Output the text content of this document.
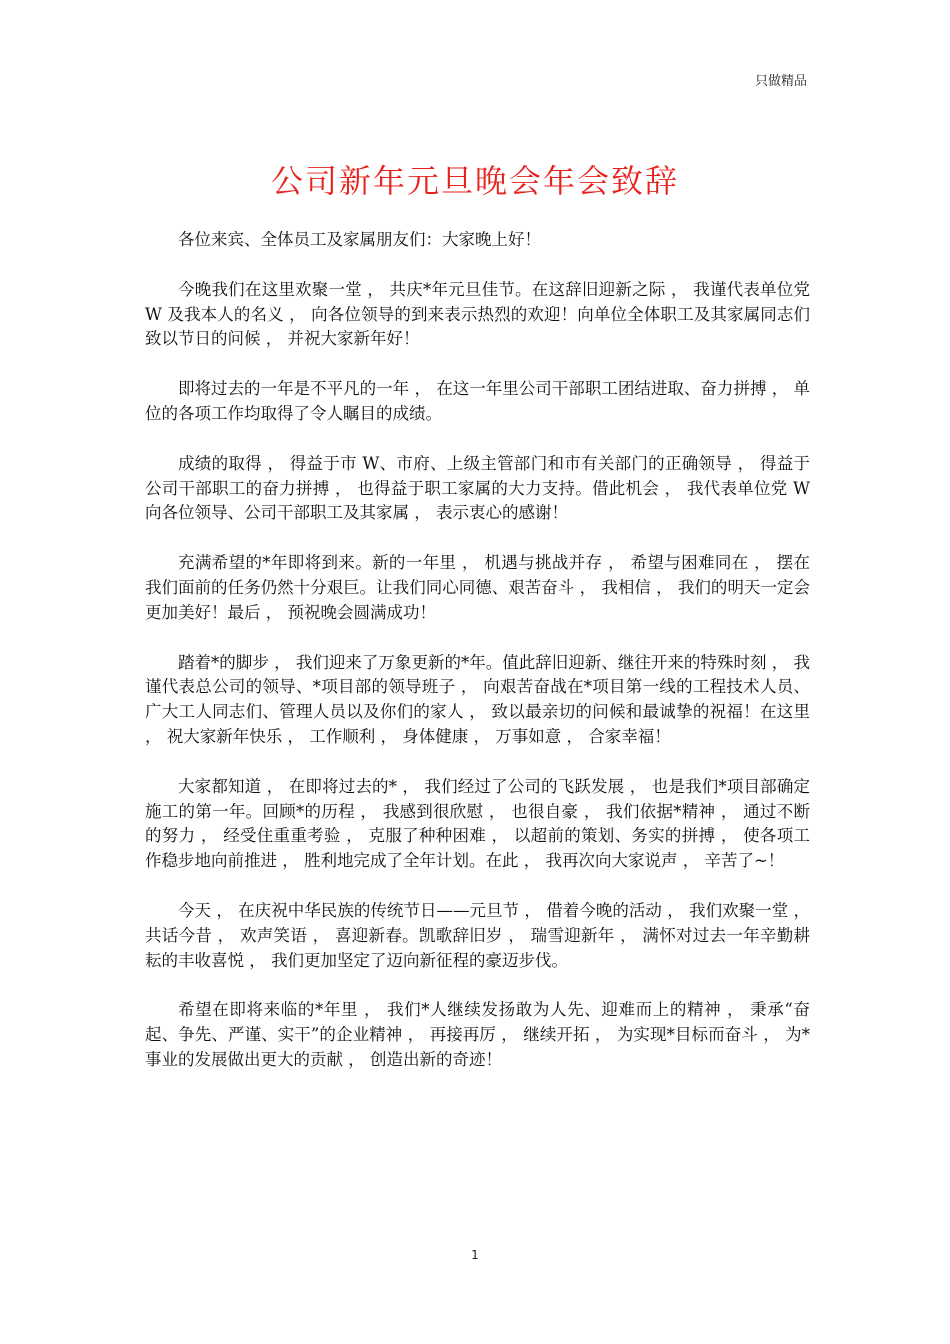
只做精品
公司新年元旦晚会年会致辞

各位来宾、全体员工及家属朋友们：大家晚上好！

今晚我们在这里欢聚一堂 ， 共庆*年元旦佳节。在这辞旧迎新之际 ， 我谨代表单位党 W 及我本人的名义 ， 向各位领导的到来表示热烈的欢迎！向单位全体职工及其家属同志们致以节日的问候 ， 并祝大家新年好！

即将过去的一年是不平凡的一年 ， 在这一年里公司干部职工团结进取、奋力拼搏 ， 单位的各项工作均取得了令人瞩目的成绩。

成绩的取得 ， 得益于市 W、市府、上级主管部门和市有关部门的正确领导 ， 得益于公司干部职工的奋力拼搏 ， 也得益于职工家属的大力支持。借此机会 ， 我代表单位党 W 向各位领导、公司干部职工及其家属 ， 表示衷心的感谢！

充满希望的*年即将到来。新的一年里 ， 机遇与挑战并存 ， 希望与困难同在 ， 摆在我们面前的任务仍然十分艰巨。让我们同心同德、艰苦奋斗 ， 我相信 ， 我们的明天一定会更加美好！最后 ， 预祝晚会圆满成功！

踏着*的脚步 ， 我们迎来了万象更新的*年。值此辞旧迎新、继往开来的特殊时刻 ， 我谨代表总公司的领导、*项目部的领导班子 ， 向艰苦奋战在*项目第一线的工程技术人员、广大工人同志们、管理人员以及你们的家人 ， 致以最亲切的问候和最诚挚的祝福！在这里 ， 祝大家新年快乐 ， 工作顺利 ， 身体健康 ， 万事如意 ， 合家幸福！

大家都知道 ， 在即将过去的* ， 我们经过了公司的飞跃发展 ， 也是我们*项目部确定施工的第一年。回顾*的历程 ， 我感到很欣慰 ， 也很自豪 ， 我们依据*精神 ， 通过不断的努力 ， 经受住重重考验 ， 克服了种种困难 ， 以超前的策划、务实的拼搏 ， 使各项工作稳步地向前推进 ， 胜利地完成了全年计划。在此 ， 我再次向大家说声 ， 辛苦了~！

今天 ， 在庆祝中华民族的传统节日——元旦节 ， 借着今晚的活动 ， 我们欢聚一堂 ， 共话今昔 ， 欢声笑语 ， 喜迎新春。凯歌辞旧岁 ， 瑞雪迎新年 ， 满怀对过去一年辛勤耕耘的丰收喜悦 ， 我们更加坚定了迈向新征程的豪迈步伐。

希望在即将来临的*年里 ， 我们*人继续发扬敢为人先、迎难而上的精神 ， 秉承“奋起、争先、严谨、实干”的企业精神 ， 再接再厉 ， 继续开拓 ， 为实现*目标而奋斗 ， 为*事业的发展做出更大的贡献 ， 创造出新的奇迹！

1
